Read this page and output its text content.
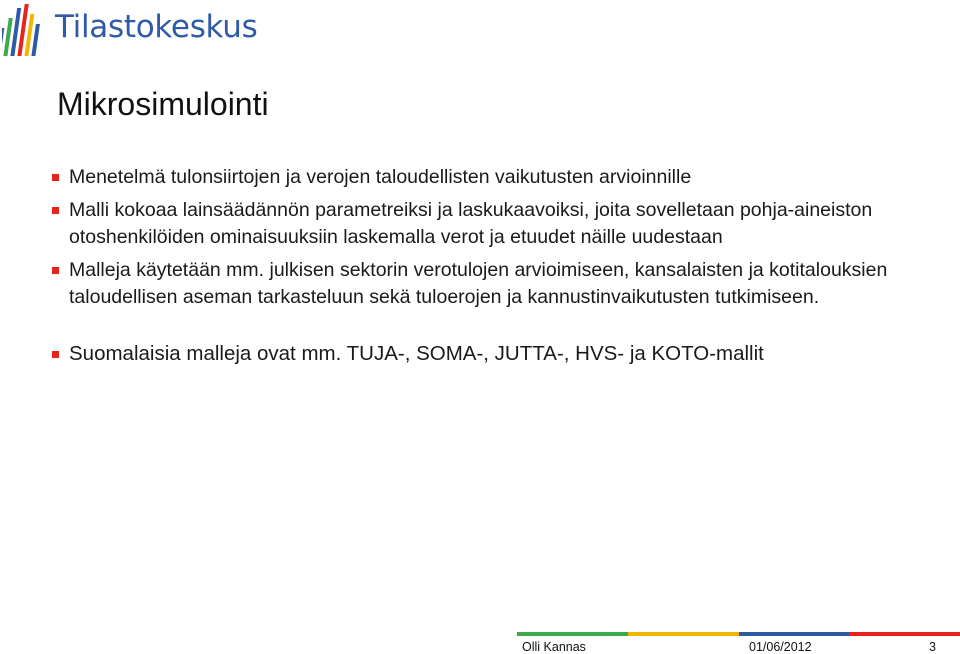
Tilastokeskus
Mikrosimulointi
Menetelmä tulonsiirtojen ja verojen taloudellisten vaikutusten arvioinnille
Malli kokoaa lainsäädännön parametreiksi ja laskukaavoiksi, joita sovelletaan pohja-aineiston otoshenkilöiden ominaisuuksiin laskemalla verot ja etuudet näille uudestaan
Malleja käytetään mm. julkisen sektorin verotulojen arvioimiseen, kansalaisten ja kotitalouksien taloudellisen aseman tarkasteluun sekä tuloerojen ja kannustinvaikutusten tutkimiseen.
Suomalaisia malleja ovat mm. TUJA-, SOMA-, JUTTA-, HVS- ja KOTO-mallit
Olli Kannas	01/06/2012	3
